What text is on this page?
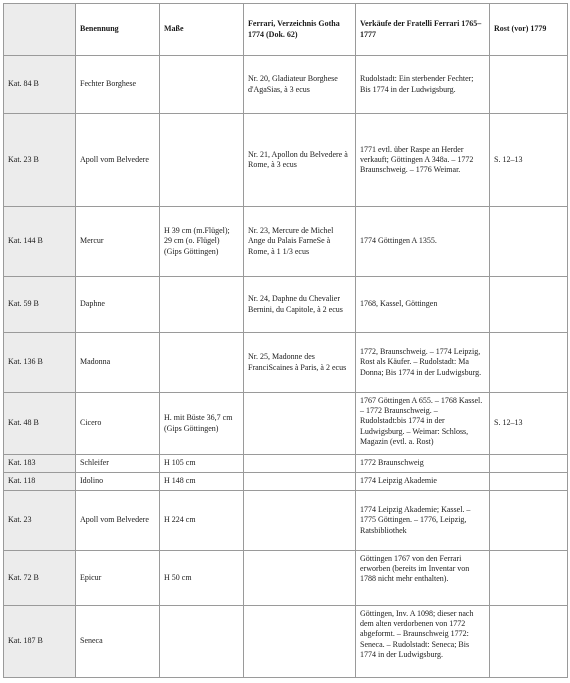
	Benennung	Maße	Ferrari, Verzeichnis Gotha 1774 (Dok. 62)	Verkäufe der Fratelli Ferrari 1765–1777	Rost (vor) 1779
Kat. 84 B	Fechter Borghese		Nr. 20, Gladiateur Borghese d'AgaSias, à 3 ecus	Rudolstadt: Ein sterbender Fechter; Bis 1774 in der Ludwigsburg.	
Kat. 23 B	Apoll vom Belvedere		Nr. 21, Apollon du Belvedere à Rome, à 3 ecus	1771 evtl. über Raspe an Herder verkauft; Göttingen A 348a. – 1772 Braunschweig. – 1776 Weimar.	S. 12–13
Kat. 144 B	Mercur	H 39 cm (m.Flügel); 29 cm (o. Flügel) (Gips Göttingen)	Nr. 23, Mercure de Michel Ange du Palais FarneSe à Rome, à 1 1/3 ecus	1774 Göttingen A 1355.	
Kat. 59 B	Daphne		Nr. 24, Daphne du Chevalier Bernini, du Capitole, à 2 ecus	1768, Kassel, Göttingen	
Kat. 136 B	Madonna		Nr. 25, Madonne des FranciScaines à Paris, à 2 ecus	1772, Braunschweig. – 1774 Leipzig, Rost als Käufer. – Rudolstadt: Ma Donna; Bis 1774 in der Ludwigsburg.	
Kat. 48 B	Cicero	H. mit Büste 36,7 cm (Gips Göttingen)		1767 Göttingen A 655. – 1768 Kassel. – 1772 Braunschweig. – Rudolstadt:bis 1774 in der Ludwigsburg. – Weimar: Schloss, Magazin (evtl. a. Rost)	S. 12–13
Kat. 183	Schleifer	H 105 cm		1772 Braunschweig	
Kat. 118	Idolino	H 148 cm		1774 Leipzig Akademie	
Kat. 23	Apoll vom Belvedere	H 224 cm		1774 Leipzig Akademie; Kassel. – 1775 Göttingen. – 1776, Leipzig, Ratsbibliothek	
Kat. 72 B	Epicur	H 50 cm		Göttingen 1767 von den Ferrari erworben (bereits im Inventar von 1788 nicht mehr enthalten).	
Kat. 187 B	Seneca			Göttingen, Inv. A 1098; dieser nach dem alten verdorbenen von 1772 abgeformt. – Braunschweig 1772: Seneca. – Rudolstadt: Seneca; Bis 1774 in der Ludwigsburg.	
